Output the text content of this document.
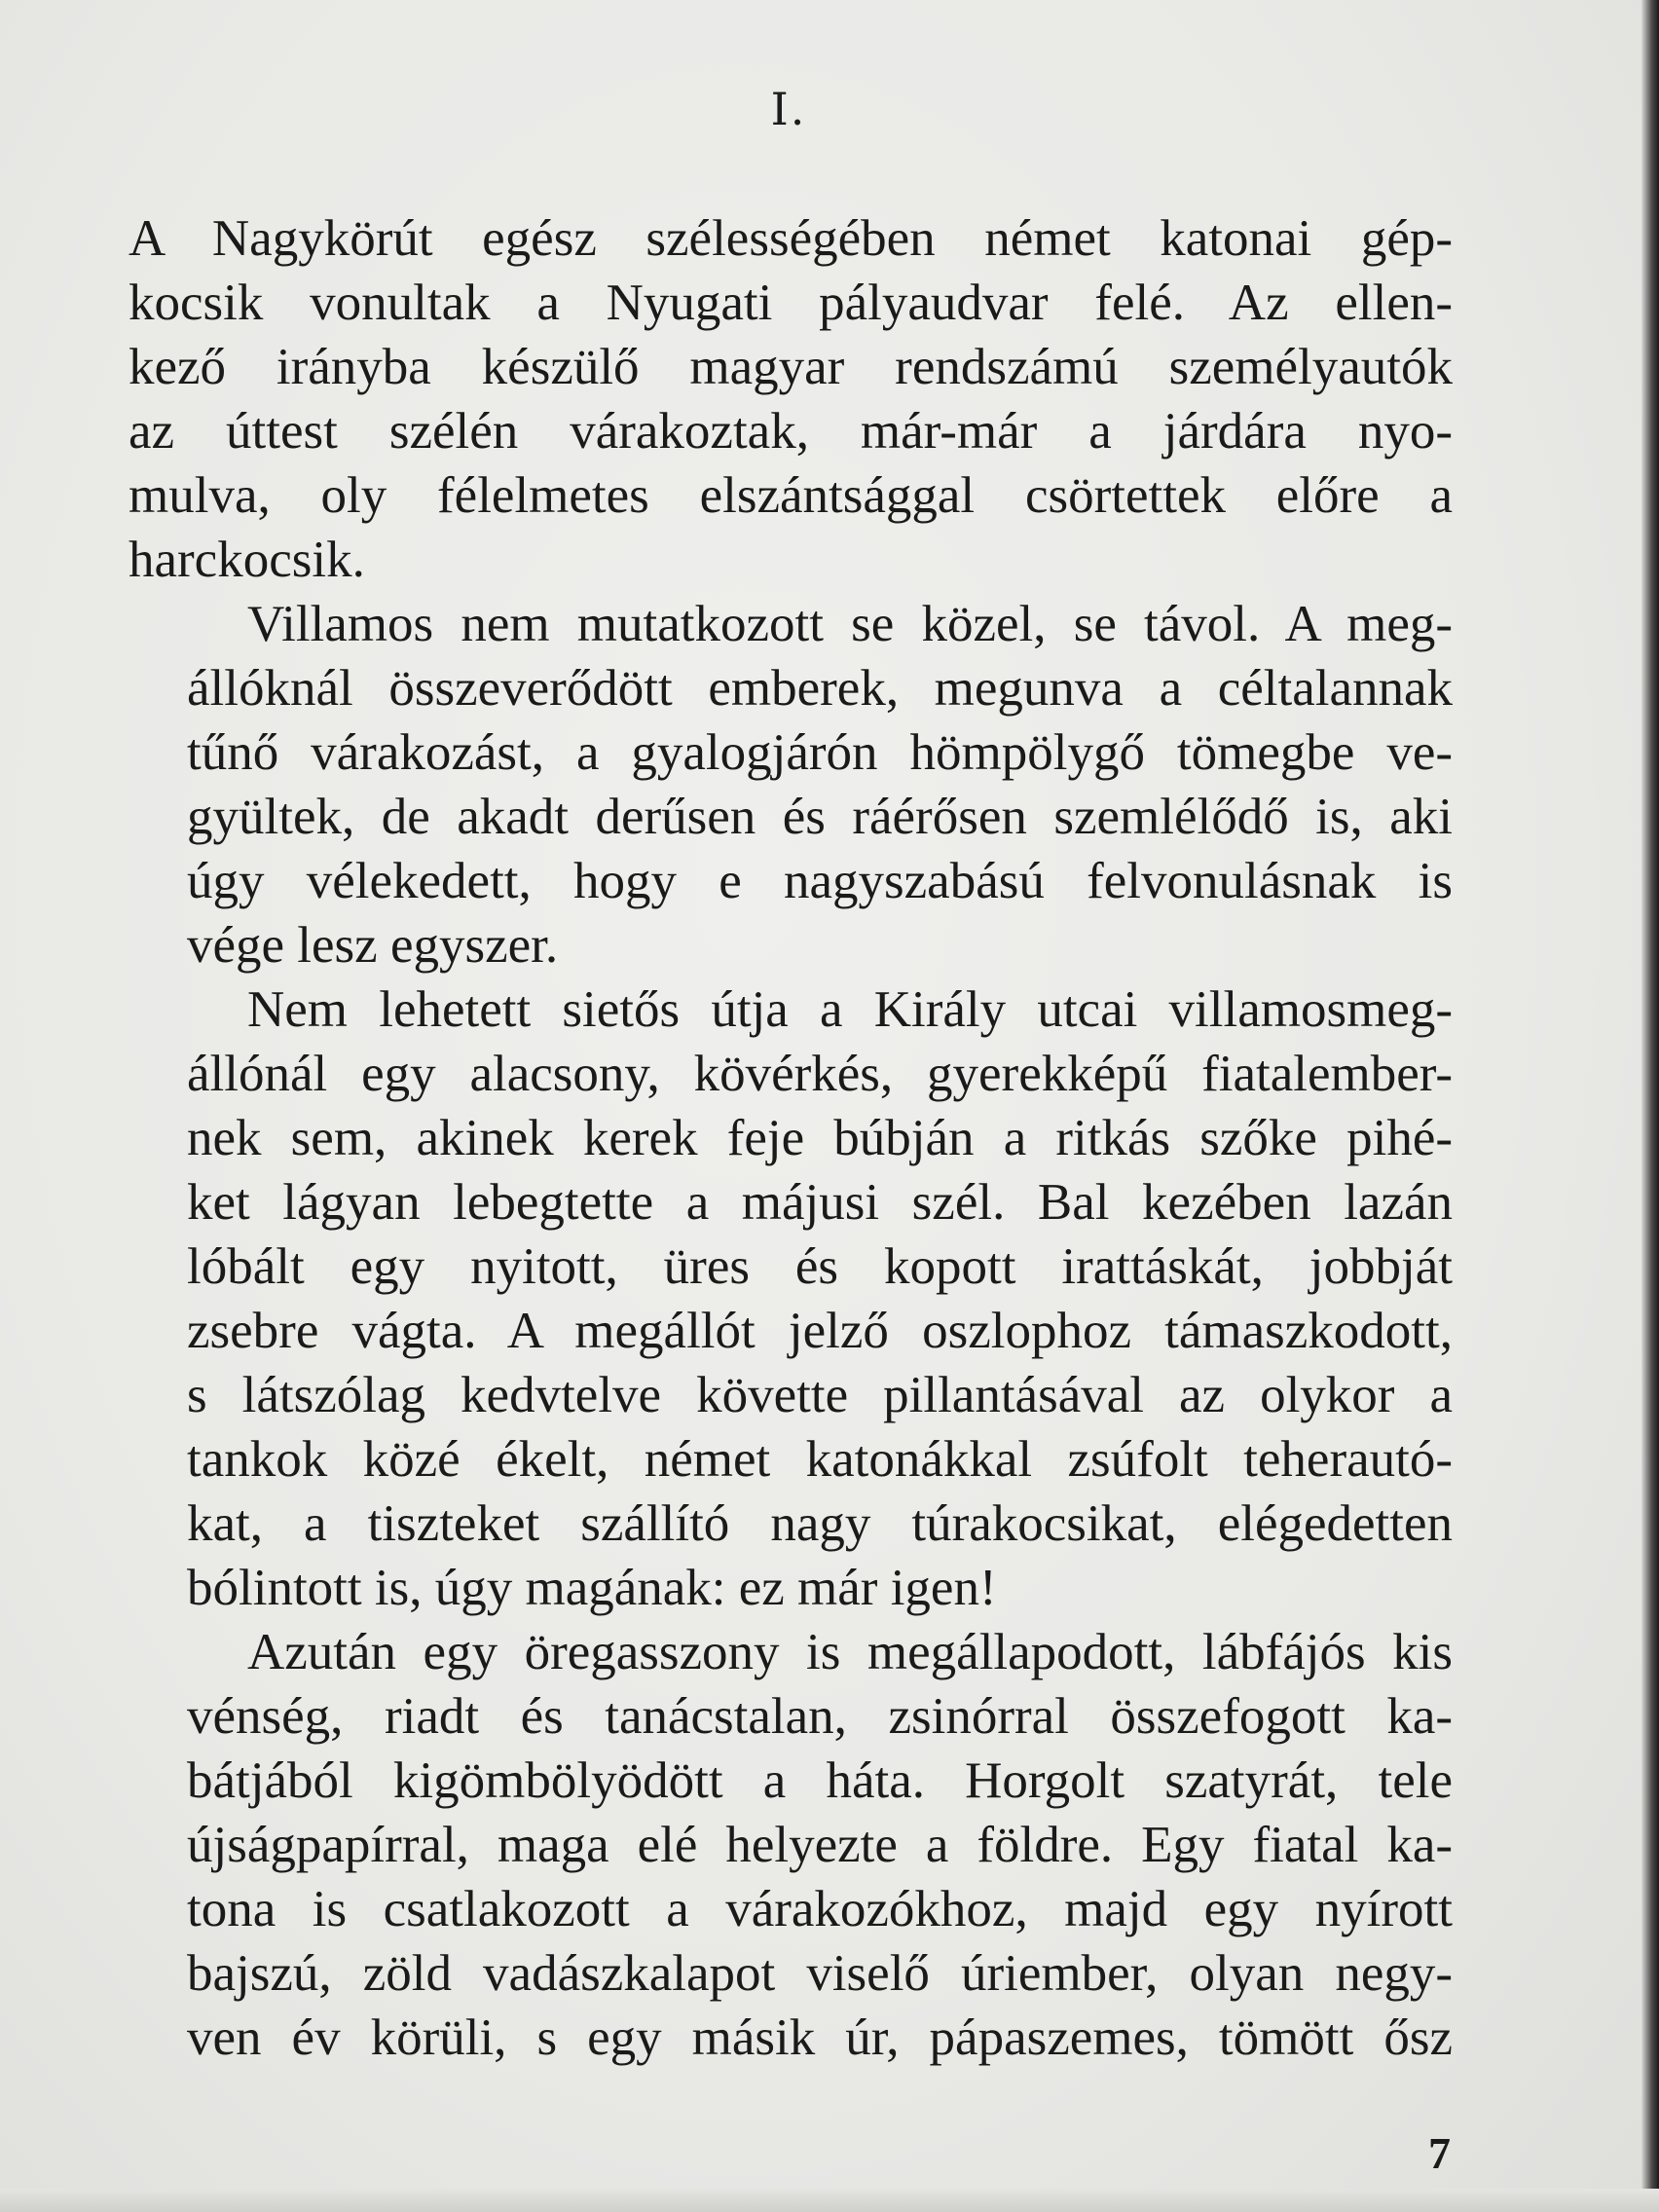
I.
A Nagykörút egész szélességében német katonai gép-
kocsik vonultak a Nyugati pályaudvar felé. Az ellen-
kező irányba készülő magyar rendszámú személyautók
az úttest szélén várakoztak, már-már a járdára nyo-
mulva, oly félelmetes elszántsággal csörtettek előre a
harckocsik.
Villamos nem mutatkozott se közel, se távol. A meg-
állóknál összeverődött emberek, megunva a céltalannak
tűnő várakozást, a gyalogjárón hömpölygő tömegbe ve-
gyültek, de akadt derűsen és ráérősen szemlélődő is, aki
úgy vélekedett, hogy e nagyszabású felvonulásnak is
vége lesz egyszer.
Nem lehetett sietős útja a Király utcai villamosmeg-
állónál egy alacsony, kövérkés, gyerekképű fiatalember-
nek sem, akinek kerek feje búbján a ritkás szőke pihé-
ket lágyan lebegtette a májusi szél. Bal kezében lazán
lóbált egy nyitott, üres és kopott irattáskát, jobbját
zsebre vágta. A megállót jelző oszlophoz támaszkodott,
s látszólag kedvtelve követte pillantásával az olykor a
tankok közé ékelt, német katonákkal zsúfolt teherautó-
kat, a tiszteket szállító nagy túrakocsikat, elégedetten
bólintott is, úgy magának: ez már igen!
Azután egy öregasszony is megállapodott, lábfájós kis
vénség, riadt és tanácstalan, zsinórral összefogott ka-
bátjából kigömbölyödött a háta. Horgolt szatyrát, tele
újságpapírral, maga elé helyezte a földre. Egy fiatal ka-
tona is csatlakozott a várakozókhoz, majd egy nyírott
bajszú, zöld vadászkalapot viselő úriember, olyan negy-
ven év körüli, s egy másik úr, pápaszemes, tömött ősz
7
